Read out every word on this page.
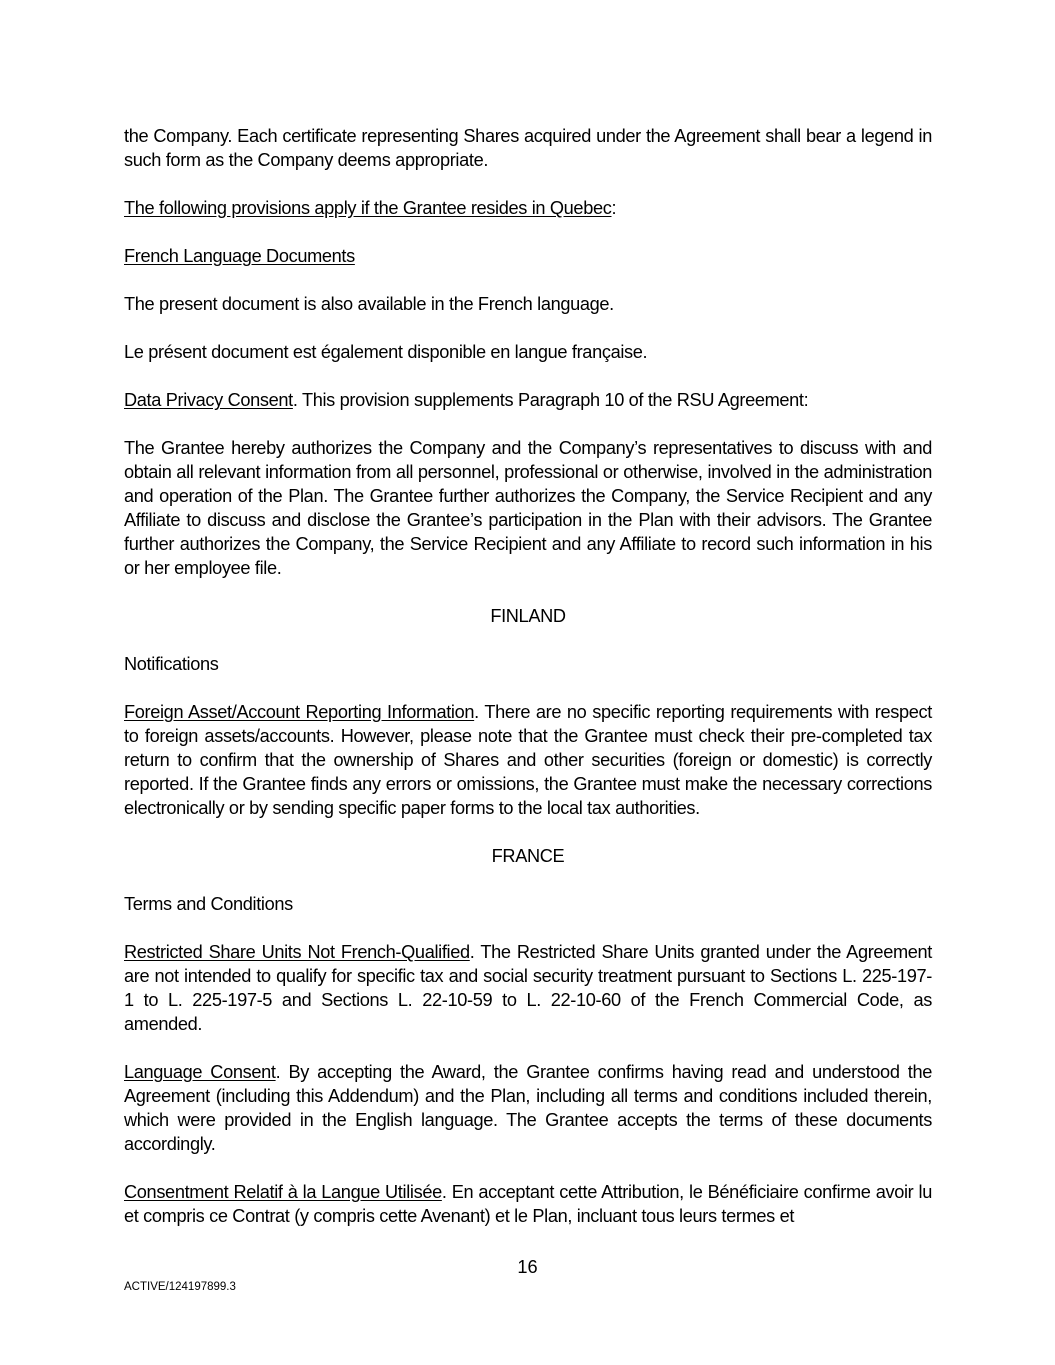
the Company. Each certificate representing Shares acquired under the Agreement shall bear a legend in such form as the Company deems appropriate.

The following provisions apply if the Grantee resides in Quebec:

French Language Documents

The present document is also available in the French language.

Le présent document est également disponible en langue française.

Data Privacy Consent. This provision supplements Paragraph 10 of the RSU Agreement:

The Grantee hereby authorizes the Company and the Company’s representatives to discuss with and obtain all relevant information from all personnel, professional or otherwise, involved in the administration and operation of the Plan. The Grantee further authorizes the Company, the Service Recipient and any Affiliate to discuss and disclose the Grantee’s participation in the Plan with their advisors. The Grantee further authorizes the Company, the Service Recipient and any Affiliate to record such information in his or her employee file.

FINLAND

Notifications

Foreign Asset/Account Reporting Information. There are no specific reporting requirements with respect to foreign assets/accounts. However, please note that the Grantee must check their pre-completed tax return to confirm that the ownership of Shares and other securities (foreign or domestic) is correctly reported. If the Grantee finds any errors or omissions, the Grantee must make the necessary corrections electronically or by sending specific paper forms to the local tax authorities.

FRANCE

Terms and Conditions

Restricted Share Units Not French-Qualified. The Restricted Share Units granted under the Agreement are not intended to qualify for specific tax and social security treatment pursuant to Sections L. 225-197-1 to L. 225-197-5 and Sections L. 22-10-59 to L. 22-10-60 of the French Commercial Code, as amended.

Language Consent. By accepting the Award, the Grantee confirms having read and understood the Agreement (including this Addendum) and the Plan, including all terms and conditions included therein, which were provided in the English language. The Grantee accepts the terms of these documents accordingly.

Consentment Relatif à la Langue Utilisée. En acceptant cette Attribution, le Bénéficiaire confirme avoir lu et compris ce Contrat (y compris cette Avenant) et le Plan, incluant tous leurs termes et

16
ACTIVE/124197899.3
